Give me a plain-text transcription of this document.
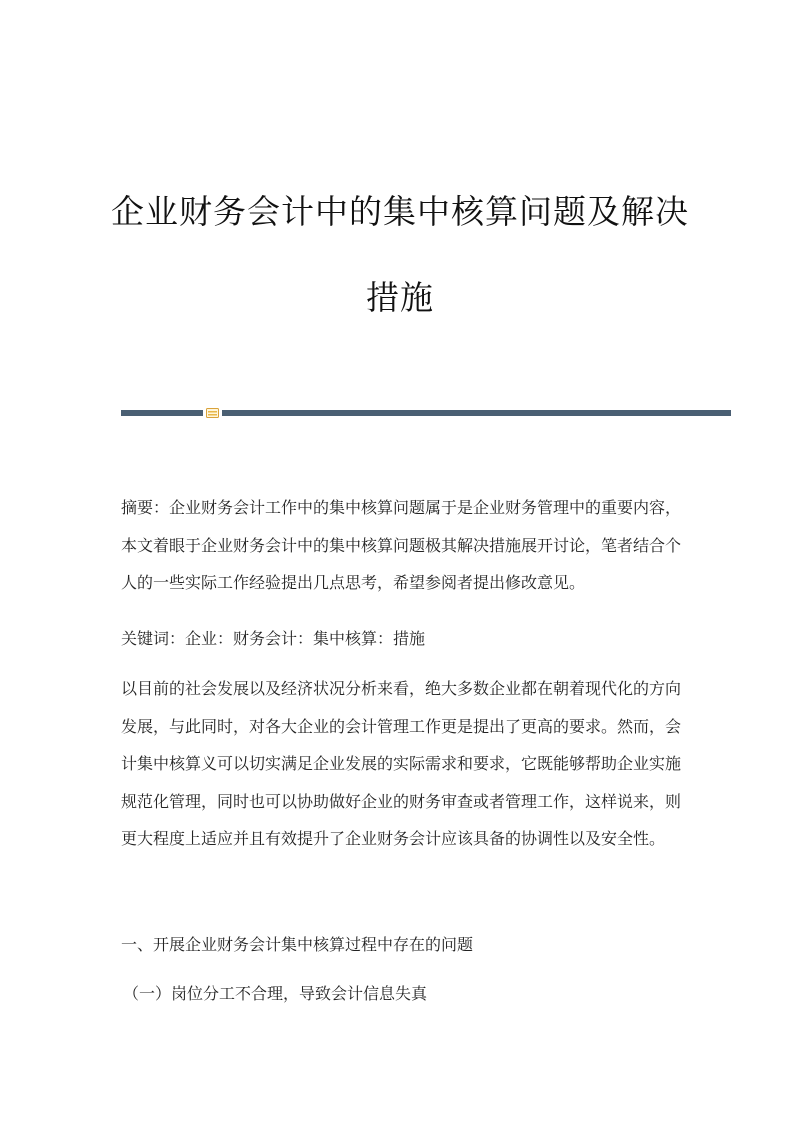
企业财务会计中的集中核算问题及解决
措施
摘要：企业财务会计工作中的集中核算问题属于是企业财务管理中的重要内容，本文着眼于企业财务会计中的集中核算问题极其解决措施展开讨论，笔者结合个人的一些实际工作经验提出几点思考，希望参阅者提出修改意见。
关键词：企业：财务会计：集中核算：措施
以目前的社会发展以及经济状况分析来看，绝大多数企业都在朝着现代化的方向发展，与此同时，对各大企业的会计管理工作更是提出了更高的要求。然而，会计集中核算义可以切实满足企业发展的实际需求和要求，它既能够帮助企业实施规范化管理，同时也可以协助做好企业的财务审查或者管理工作，这样说来，则更大程度上适应并且有效提升了企业财务会计应该具备的协调性以及安全性。
一、开展企业财务会计集中核算过程中存在的问题
（一）岗位分工不合理，导致会计信息失真
